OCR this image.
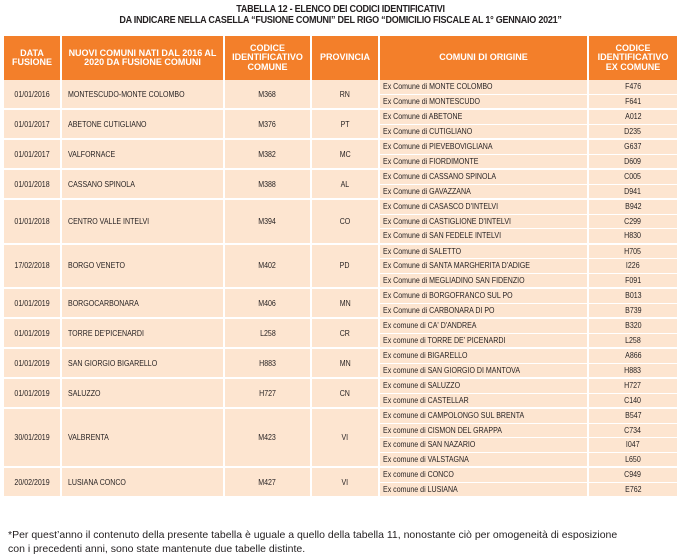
TABELLA 12 - ELENCO DEI CODICI IDENTIFICATIVI
DA INDICARE NELLA CASELLA “FUSIONE COMUNI” DEL RIGO “DOMICILIO FISCALE AL 1° GENNAIO 2021”
DATA FUSIONE	NUOVI COMUNI NATI DAL 2016 AL 2020 DA FUSIONE COMUNI	CODICE IDENTIFICATIVO COMUNE	PROVINCIA	COMUNI DI ORIGINE	CODICE IDENTIFICATIVO EX COMUNE
01/01/2016	MONTESCUDO-MONTE COLOMBO	M368	RN	Ex Comune di MONTE COLOMBO	F476
				Ex Comune di MONTESCUDO	F641
01/01/2017	ABETONE CUTIGLIANO	M376	PT	Ex Comune di ABETONE	A012
				Ex Comune di CUTIGLIANO	D235
01/01/2017	VALFORNACE	M382	MC	Ex Comune di PIEVEBOVIGLIANA	G637
				Ex Comune di FIORDIMONTE	D609
01/01/2018	CASSANO SPINOLA	M388	AL	Ex Comune di CASSANO SPINOLA	C005
				Ex Comune di GAVAZZANA	D941
01/01/2018	CENTRO VALLE INTELVI	M394	CO	Ex Comune di CASASCO D'INTELVI	B942
				Ex Comune di CASTIGLIONE D'INTELVI	C299
				Ex Comune di SAN FEDELE INTELVI	H830
17/02/2018	BORGO VENETO	M402	PD	Ex Comune di SALETTO	H705
				Ex Comune di SANTA MARGHERITA D'ADIGE	I226
				Ex Comune di MEGLIADINO SAN FIDENZIO	F091
01/01/2019	BORGOCARBONARA	M406	MN	Ex Comune di BORGOFRANCO SUL PO	B013
				Ex Comune di CARBONARA DI PO	B739
01/01/2019	TORRE DE'PICENARDI	L258	CR	Ex comune di CA' D'ANDREA	B320
				Ex comune di TORRE DE' PICENARDI	L258
01/01/2019	SAN GIORGIO BIGARELLO	H883	MN	Ex comune di BIGARELLO	A866
				Ex comune di SAN GIORGIO DI MANTOVA	H883
01/01/2019	SALUZZO	H727	CN	Ex comune di SALUZZO	H727
				Ex comune di CASTELLAR	C140
30/01/2019	VALBRENTA	M423	VI	Ex comune di CAMPOLONGO SUL BRENTA	B547
				Ex comune di CISMON DEL GRAPPA	C734
				Ex comune di SAN NAZARIO	I047
				Ex comune di VALSTAGNA	L650
20/02/2019	LUSIANA CONCO	M427	VI	Ex comune di CONCO	C949
				Ex comune di LUSIANA	E762
*Per quest’anno il contenuto della presente tabella è uguale a quello della tabella 11, nonostante ciò per omogeneità di esposizione
con i precedenti anni, sono state mantenute due tabelle distinte.
